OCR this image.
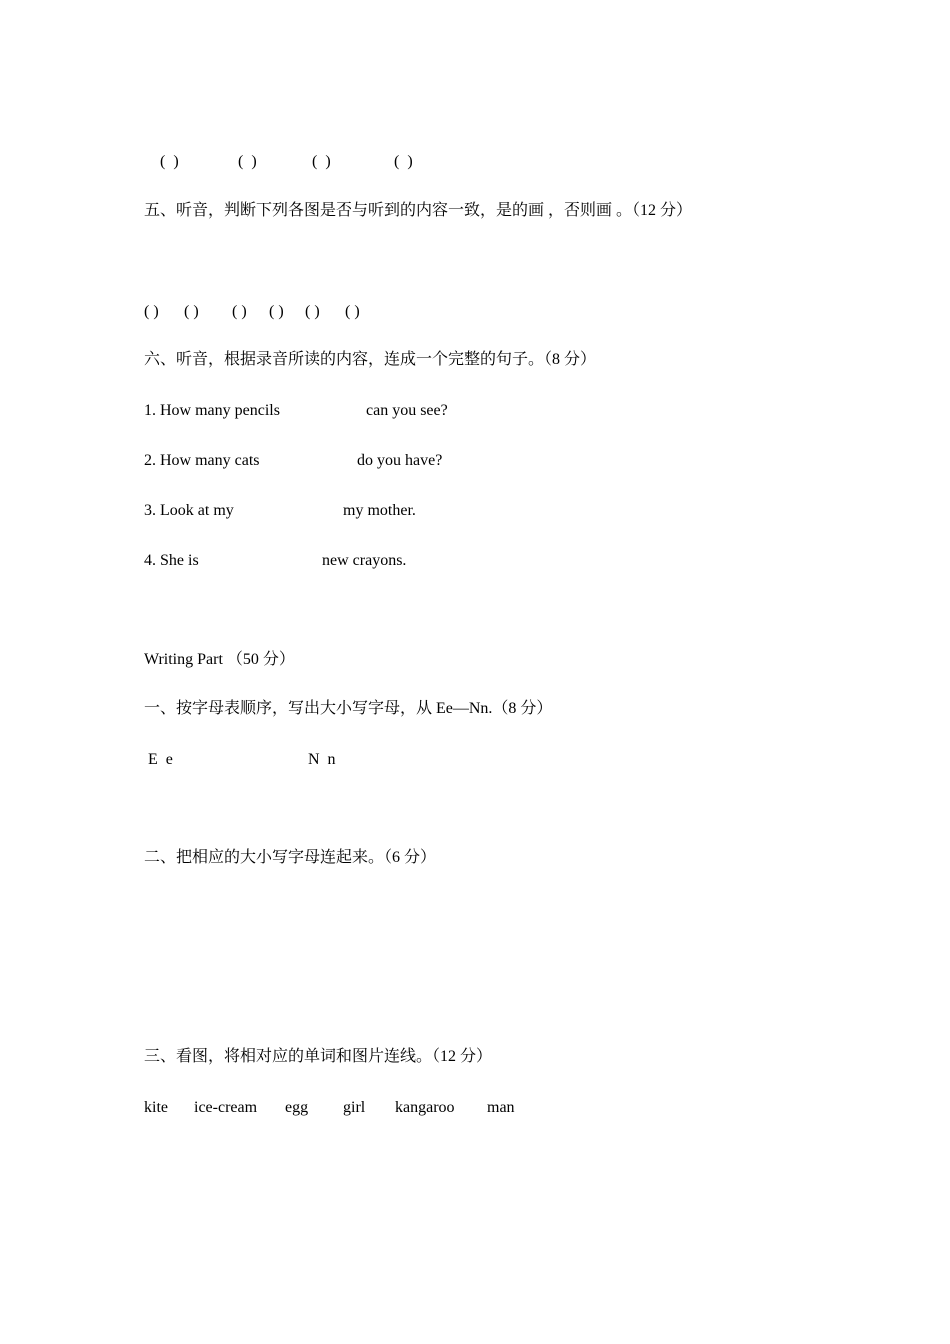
(  )	(  )	(  )	(  )
五、听音，判断下列各图是否与听到的内容一致，是的画 ，否则画 。（12 分）
( ) ( ) ( ) ( ) ( ) ( )
六、听音，根据录音所读的内容，连成一个完整的句子。（8 分）
1. How many pencils	can you see?
2. How many cats	do you have?
3. Look at my	my mother.
4. She is	new crayons.
Writing Part （50 分）
一、按字母表顺序，写出大小写字母，从 Ee—Nn.（8 分）
E  e	N  n
二、把相应的大小写字母连起来。（6 分）
三、看图，将相对应的单词和图片连线。（12 分）
kite ice-cream egg girl kangaroo man
